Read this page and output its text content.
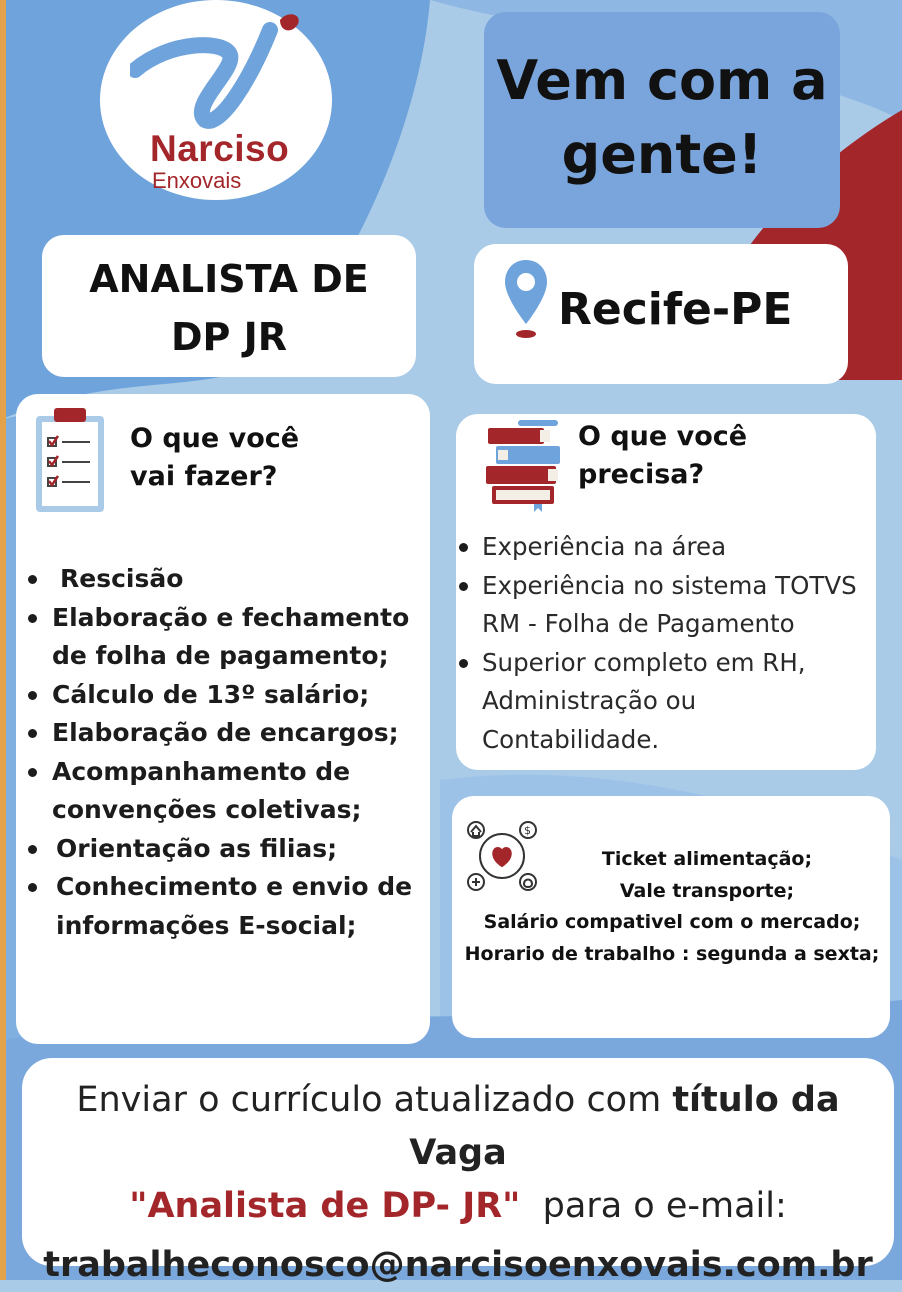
Narciso
Enxovais
Vem com a
gente!
ANALISTA DE
DP JR
Recife-PE
O que você
vai fazer?
Rescisão
Elaboração e fechamento de folha de pagamento;
Cálculo de 13º salário;
Elaboração de encargos;
Acompanhamento de convenções coletivas;
Orientação as filias;
Conhecimento e envio de informações E-social;
O que você
precisa?
Experiência na área
Experiência no sistema TOTVS RM - Folha de Pagamento
Superior completo em RH, Administração ou Contabilidade.
$
Ticket alimentação;
Vale transporte;
Salário compativel com o mercado;
Horario de trabalho : segunda a sexta;
Enviar o currículo atualizado com título da Vaga
"Analista de DP- JR"  para o e-mail:
trabalheconosco@narcisoenxovais.com.br
